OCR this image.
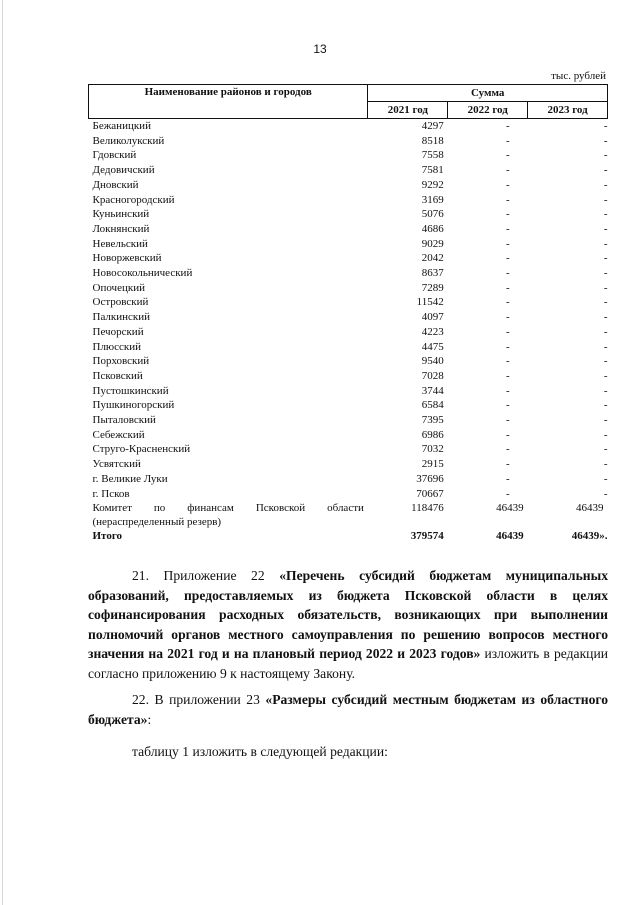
13
тыс. рублей
Наименование районов и городов	Сумма		
	2021 год	2022 год	2023 год
Бежаницкий	4297	-	-
Великолукский	8518	-	-
Гдовский	7558	-	-
Дедовичский	7581	-	-
Дновский	9292	-	-
Красногородский	3169	-	-
Куньинский	5076	-	-
Локнянский	4686	-	-
Невельский	9029	-	-
Новоржевский	2042	-	-
Новосокольнический	8637	-	-
Опочецкий	7289	-	-
Островский	11542	-	-
Палкинский	4097	-	-
Печорский	4223	-	-
Плюсский	4475	-	-
Порховский	9540	-	-
Псковский	7028	-	-
Пустошкинский	3744	-	-
Пушкиногорский	6584	-	-
Пыталовский	7395	-	-
Себежский	6986	-	-
Струго-Красненский	7032	-	-
Усвятский	2915	-	-
г. Великие Луки	37696	-	-
г. Псков	70667	-	-

Комитет по финансам Псковской области
(нераспределенный резерв)	118476	46439	46439
Итого	379574	46439	46439».
21. Приложение 22 «Перечень субсидий бюджетам муниципальных образований, предоставляемых из бюджета Псковской области в целях софинансирования расходных обязательств, возникающих при выполнении полномочий органов местного самоуправления по решению вопросов местного значения на 2021 год и на плановый период 2022 и 2023 годов» изложить в редакции согласно приложению 9 к настоящему Закону.
22. В приложении 23 «Размеры субсидий местным бюджетам из областного бюджета»:
таблицу 1 изложить в следующей редакции:
